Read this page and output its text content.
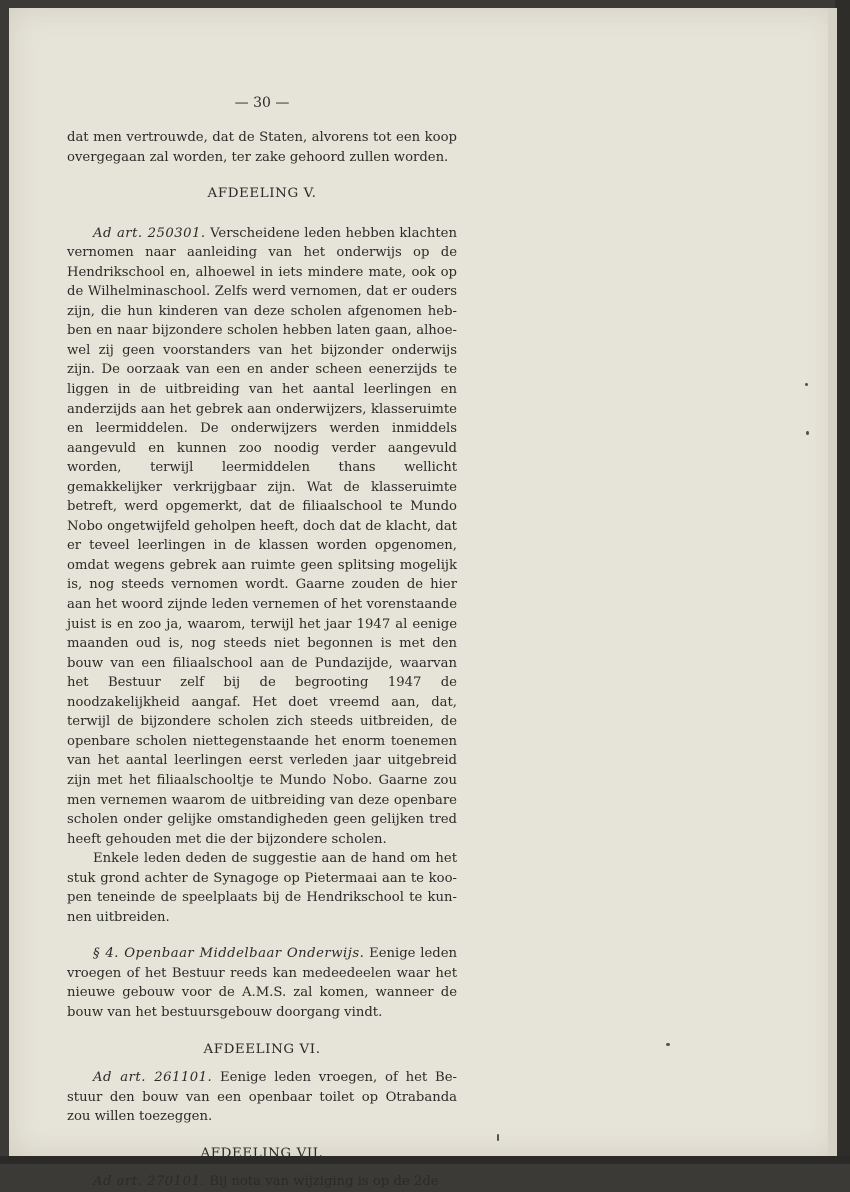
— 30 —

dat men vertrouwde, dat de Staten, alvorens tot een koop overgegaan zal worden, ter zake gehoord zullen worden.

AFDEELING V.

Ad art. 250301. Verscheidene leden hebben klachten vernomen naar aanleiding van het onderwijs op de Hendrikschool en, alhoewel in iets mindere mate, ook op de Wilhelminaschool. Zelfs werd vernomen, dat er ouders zijn, die hun kinderen van deze scholen afgenomen hebben en naar bijzondere scholen hebben laten gaan, alhoewel zij geen voorstanders van het bijzonder onderwijs zijn. De oorzaak van een en ander scheen eenerzijds te liggen in de uitbreiding van het aantal leerlingen en anderzijds aan het gebrek aan onderwijzers, klasseruimte en leermiddelen. De onderwijzers werden inmiddels aangevuld en kunnen zoo noodig verder aangevuld worden, terwijl leermiddelen thans wellicht gemakkelijker verkrijgbaar zijn. Wat de klasseruimte betreft, werd opgemerkt, dat de filiaalschool te Mundo Nobo ongetwijfeld geholpen heeft, doch dat de klacht, dat er teveel leerlingen in de klassen worden opgenomen, omdat wegens gebrek aan ruimte geen splitsing mogelijk is, nog steeds vernomen wordt. Gaarne zouden de hier aan het woord zijnde leden vernemen of het vorenstaande juist is en zoo ja, waarom, terwijl het jaar 1947 al eenige maanden oud is, nog steeds niet begonnen is met den bouw van een filiaalschool aan de Pundazijde, waarvan het Bestuur zelf bij de begrooting 1947 de noodzakelijkheid aangaf. Het doet vreemd aan, dat, terwijl de bijzondere scholen zich steeds uitbreiden, de openbare scholen niettegenstaande het enorm toenemen van het aantal leerlingen eerst verleden jaar uitgebreid zijn met het filiaalschooltje te Mundo Nobo. Gaarne zou men vernemen waarom de uitbreiding van deze openbare scholen onder gelijke omstandigheden geen gelijken tred heeft gehouden met die der bijzondere scholen.

Enkele leden deden de suggestie aan de hand om het stuk grond achter de Synagoge op Pietermaai aan te koopen teneinde de speelplaats bij de Hendrikschool te kunnen uitbreiden.

§ 4. Openbaar Middelbaar Onderwijs. Eenige leden vroegen of het Bestuur reeds kan medeedeelen waar het nieuwe gebouw voor de A.M.S. zal komen, wanneer de bouw van het bestuursgebouw doorgang vindt.

AFDEELING VI.

Ad art. 261101. Eenige leden vroegen, of het Bestuur den bouw van een openbaar toilet op Otrabanda zou willen toezeggen.

AFDEELING VII.

Ad art. 270101. Bij nota van wijziging is op de 2de
